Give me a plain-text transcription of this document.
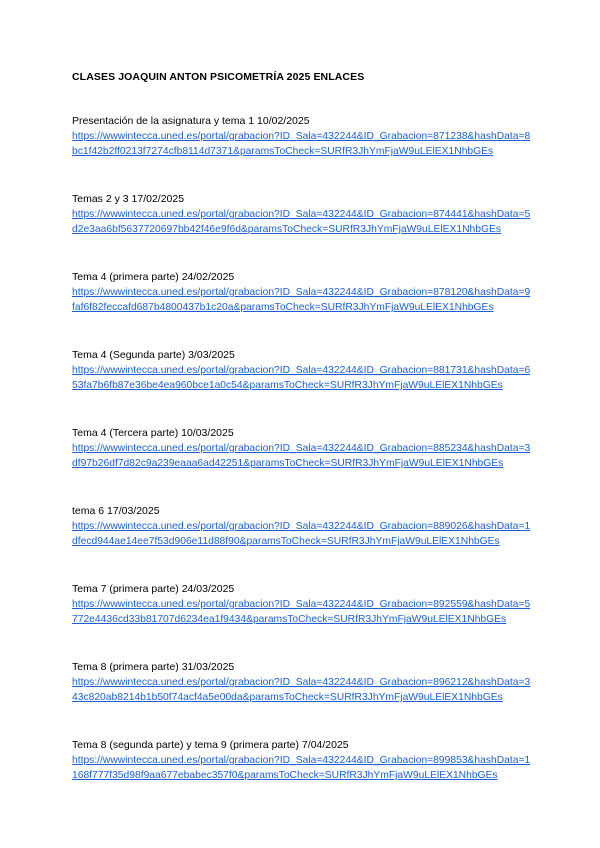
CLASES JOAQUIN ANTON PSICOMETRÍA 2025 ENLACES
Presentación de la asignatura y tema 1 10/02/2025
https://wwwintecca.uned.es/portal/grabacion?ID_Sala=432244&ID_Grabacion=871238&hashData=8bc1f42b2ff0213f7274cfb8114d7371&paramsToCheck=SURfR3JhYmFjaW9uLElEX1NhbGEs
Temas 2 y 3 17/02/2025
https://wwwintecca.uned.es/portal/grabacion?ID_Sala=432244&ID_Grabacion=874441&hashData=5d2e3aa6bf5637720697bb42f46e9f6d&paramsToCheck=SURfR3JhYmFjaW9uLElEX1NhbGEs
Tema 4 (primera parte) 24/02/2025
https://wwwintecca.uned.es/portal/grabacion?ID_Sala=432244&ID_Grabacion=878120&hashData=9faf6f82feccafd687b4800437b1c20a&paramsToCheck=SURfR3JhYmFjaW9uLElEX1NhbGEs
Tema 4 (Segunda parte) 3/03/2025
https://wwwintecca.uned.es/portal/grabacion?ID_Sala=432244&ID_Grabacion=881731&hashData=653fa7b6fb87e36be4ea960bce1a0c54&paramsToCheck=SURfR3JhYmFjaW9uLElEX1NhbGEs
Tema 4 (Tercera parte) 10/03/2025
https://wwwintecca.uned.es/portal/grabacion?ID_Sala=432244&ID_Grabacion=885234&hashData=3df97b26df7d82c9a239eaaa6ad42251&paramsToCheck=SURfR3JhYmFjaW9uLElEX1NhbGEs
tema 6 17/03/2025
https://wwwintecca.uned.es/portal/grabacion?ID_Sala=432244&ID_Grabacion=889026&hashData=1dfecd944ae14ee7f53d906e11d88f90&paramsToCheck=SURfR3JhYmFjaW9uLElEX1NhbGEs
Tema 7 (primera parte) 24/03/2025
https://wwwintecca.uned.es/portal/grabacion?ID_Sala=432244&ID_Grabacion=892559&hashData=5772e4436cd33b81707d6234ea1f9434&paramsToCheck=SURfR3JhYmFjaW9uLElEX1NhbGEs
Tema 8 (primera parte) 31/03/2025
https://wwwintecca.uned.es/portal/grabacion?ID_Sala=432244&ID_Grabacion=896212&hashData=343c820ab8214b1b50f74acf4a5e00da&paramsToCheck=SURfR3JhYmFjaW9uLElEX1NhbGEs
Tema 8 (segunda parte) y tema 9 (primera parte) 7/04/2025
https://wwwintecca.uned.es/portal/grabacion?ID_Sala=432244&ID_Grabacion=899853&hashData=1168f777f35d98f9aa677ebabec357f0&paramsToCheck=SURfR3JhYmFjaW9uLElEX1NhbGEs
